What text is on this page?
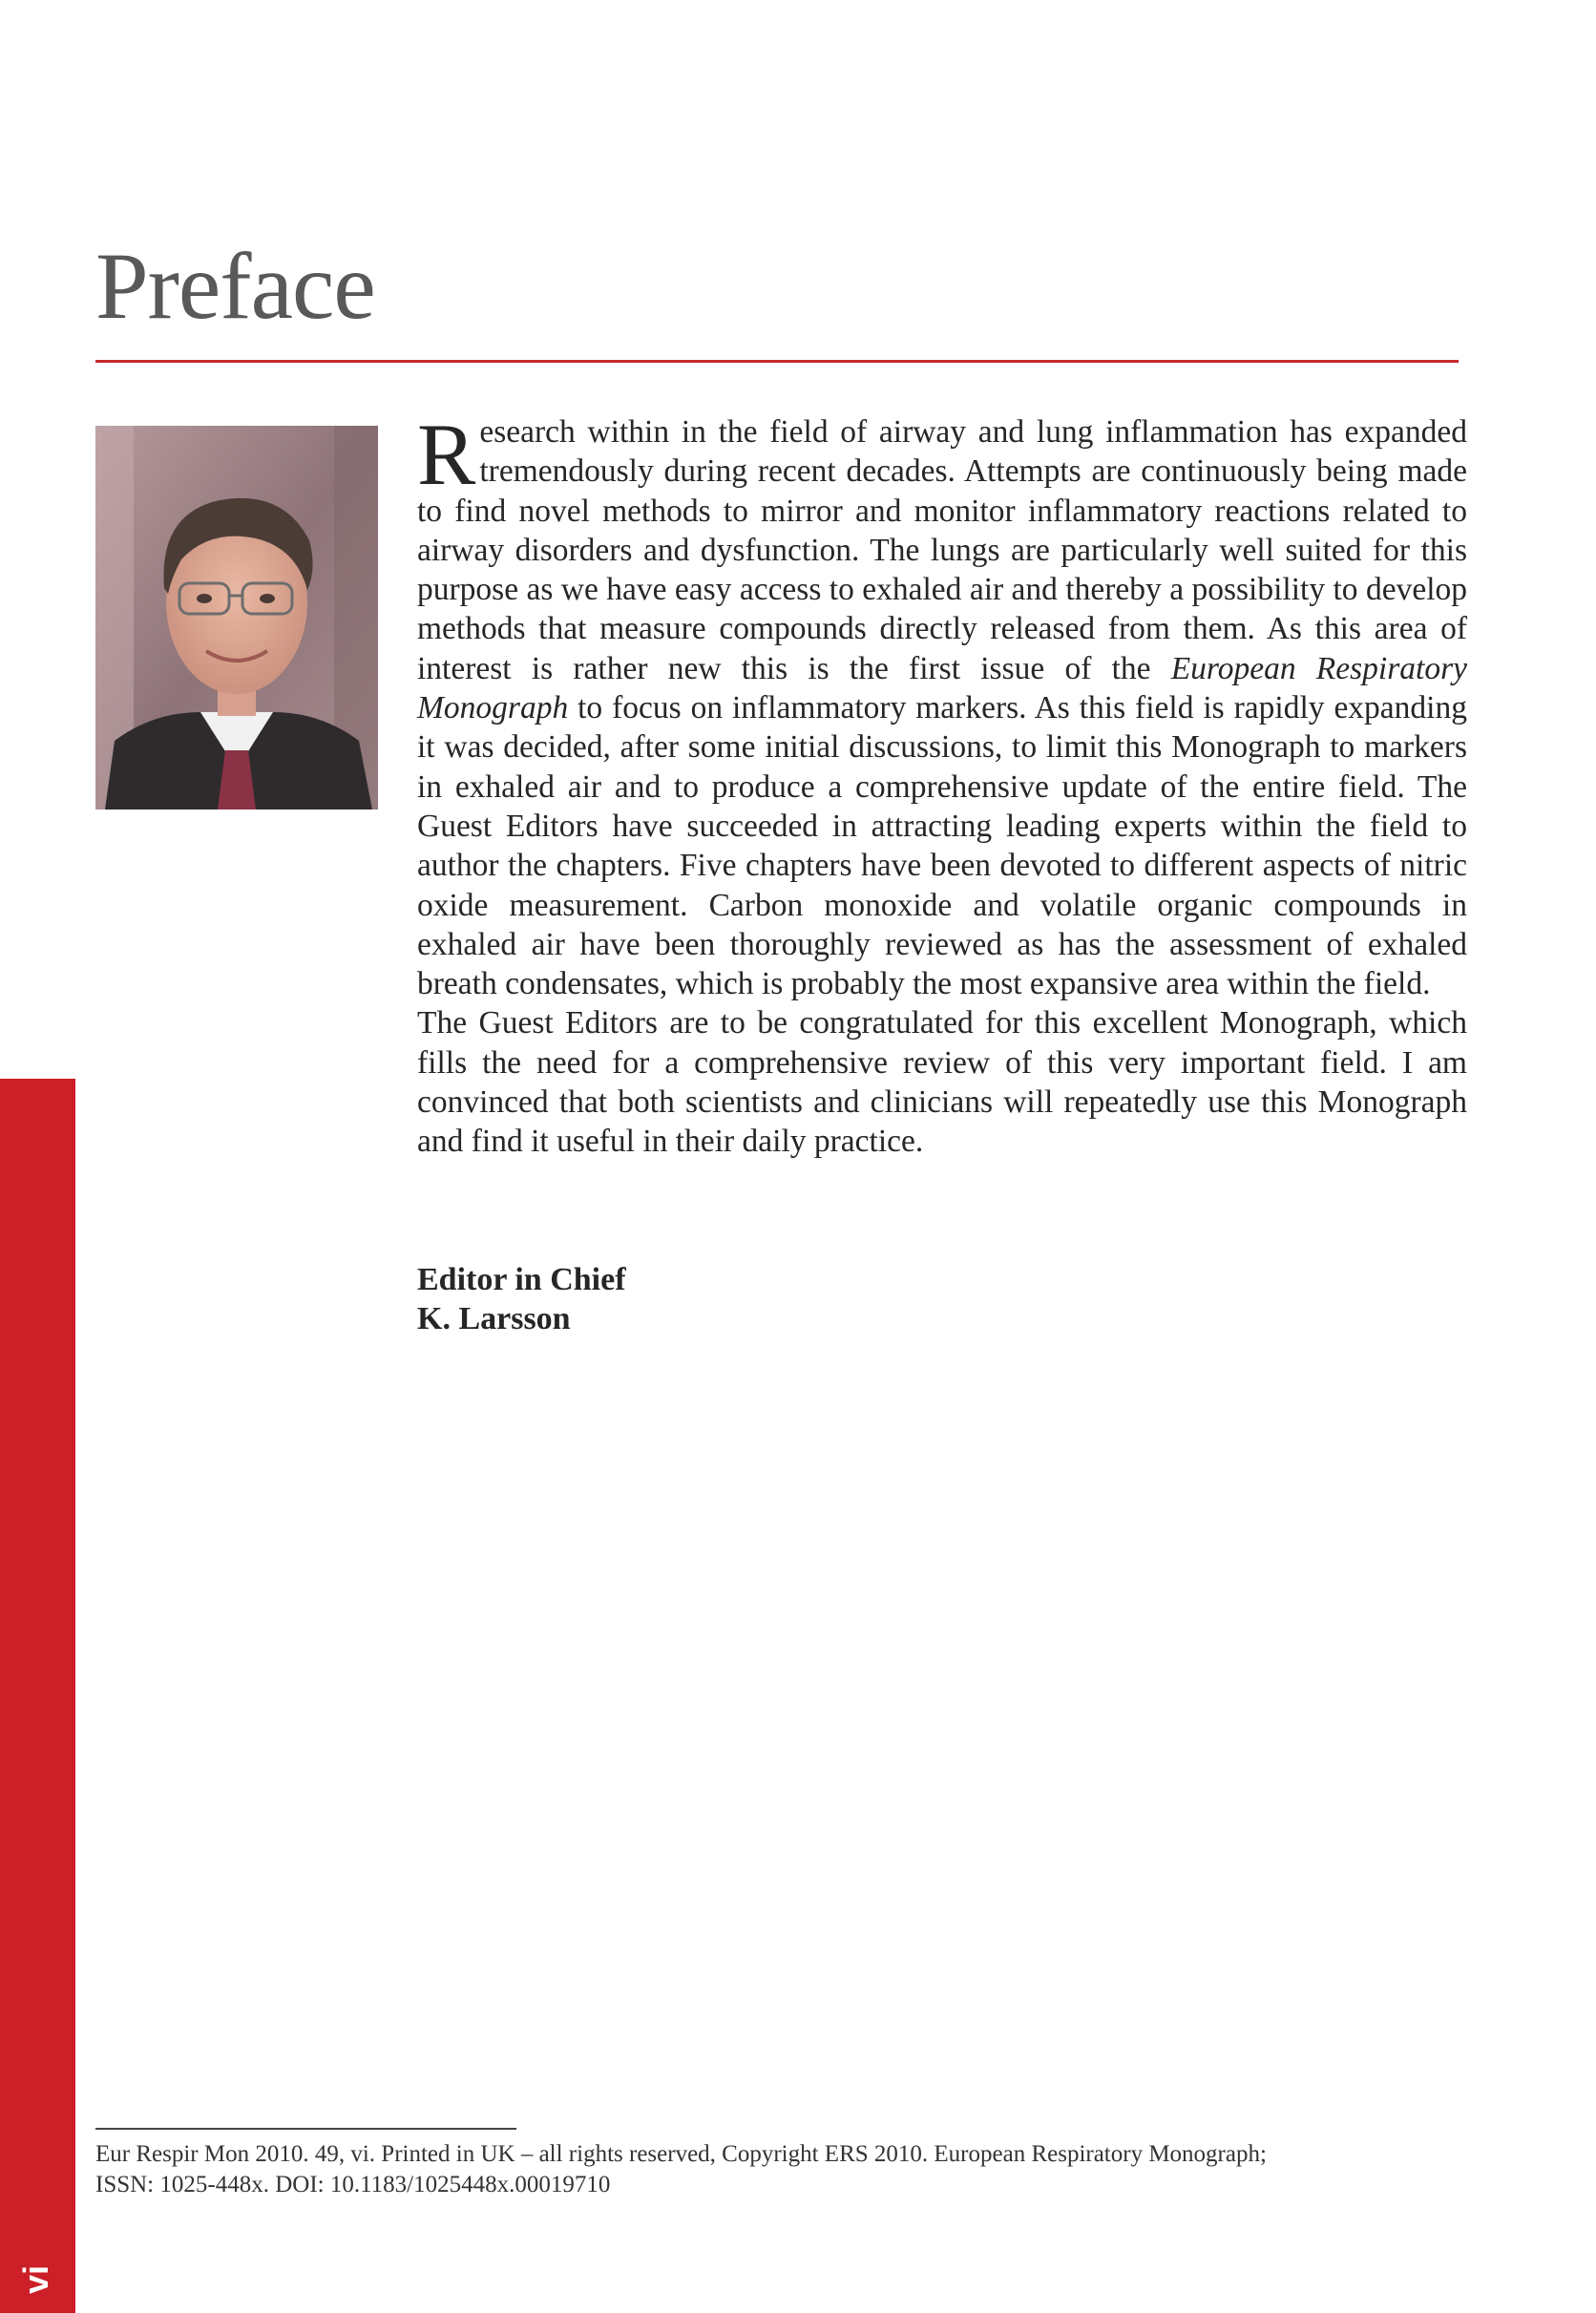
Preface

Research within in the field of airway and lung inflammation has expanded tremendously during recent decades. Attempts are continuously being made to find novel methods to mirror and monitor inflammatory reactions related to airway disorders and dysfunction. The lungs are particularly well suited for this purpose as we have easy access to exhaled air and thereby a possibility to develop methods that measure compounds directly released from them. As this area of interest is rather new this is the first issue of the European Respiratory Monograph to focus on inflammatory markers. As this field is rapidly expanding it was decided, after some initial discussions, to limit this Monograph to markers in exhaled air and to produce a comprehensive update of the entire field. The Guest Editors have succeeded in attracting leading experts within the field to author the chapters. Five chapters have been devoted to different aspects of nitric oxide measurement. Carbon monoxide and volatile organic compounds in exhaled air have been thoroughly reviewed as has the assessment of exhaled breath condensates, which is probably the most expansive area within the field.

The Guest Editors are to be congratulated for this excellent Monograph, which fills the need for a comprehensive review of this very important field. I am convinced that both scientists and clinicians will repeatedly use this Monograph and find it useful in their daily practice.

Editor in Chief
K. Larsson
Eur Respir Mon 2010. 49, vi. Printed in UK – all rights reserved, Copyright ERS 2010. European Respiratory Monograph;
ISSN: 1025-448x. DOI: 10.1183/1025448x.00019710
vi
